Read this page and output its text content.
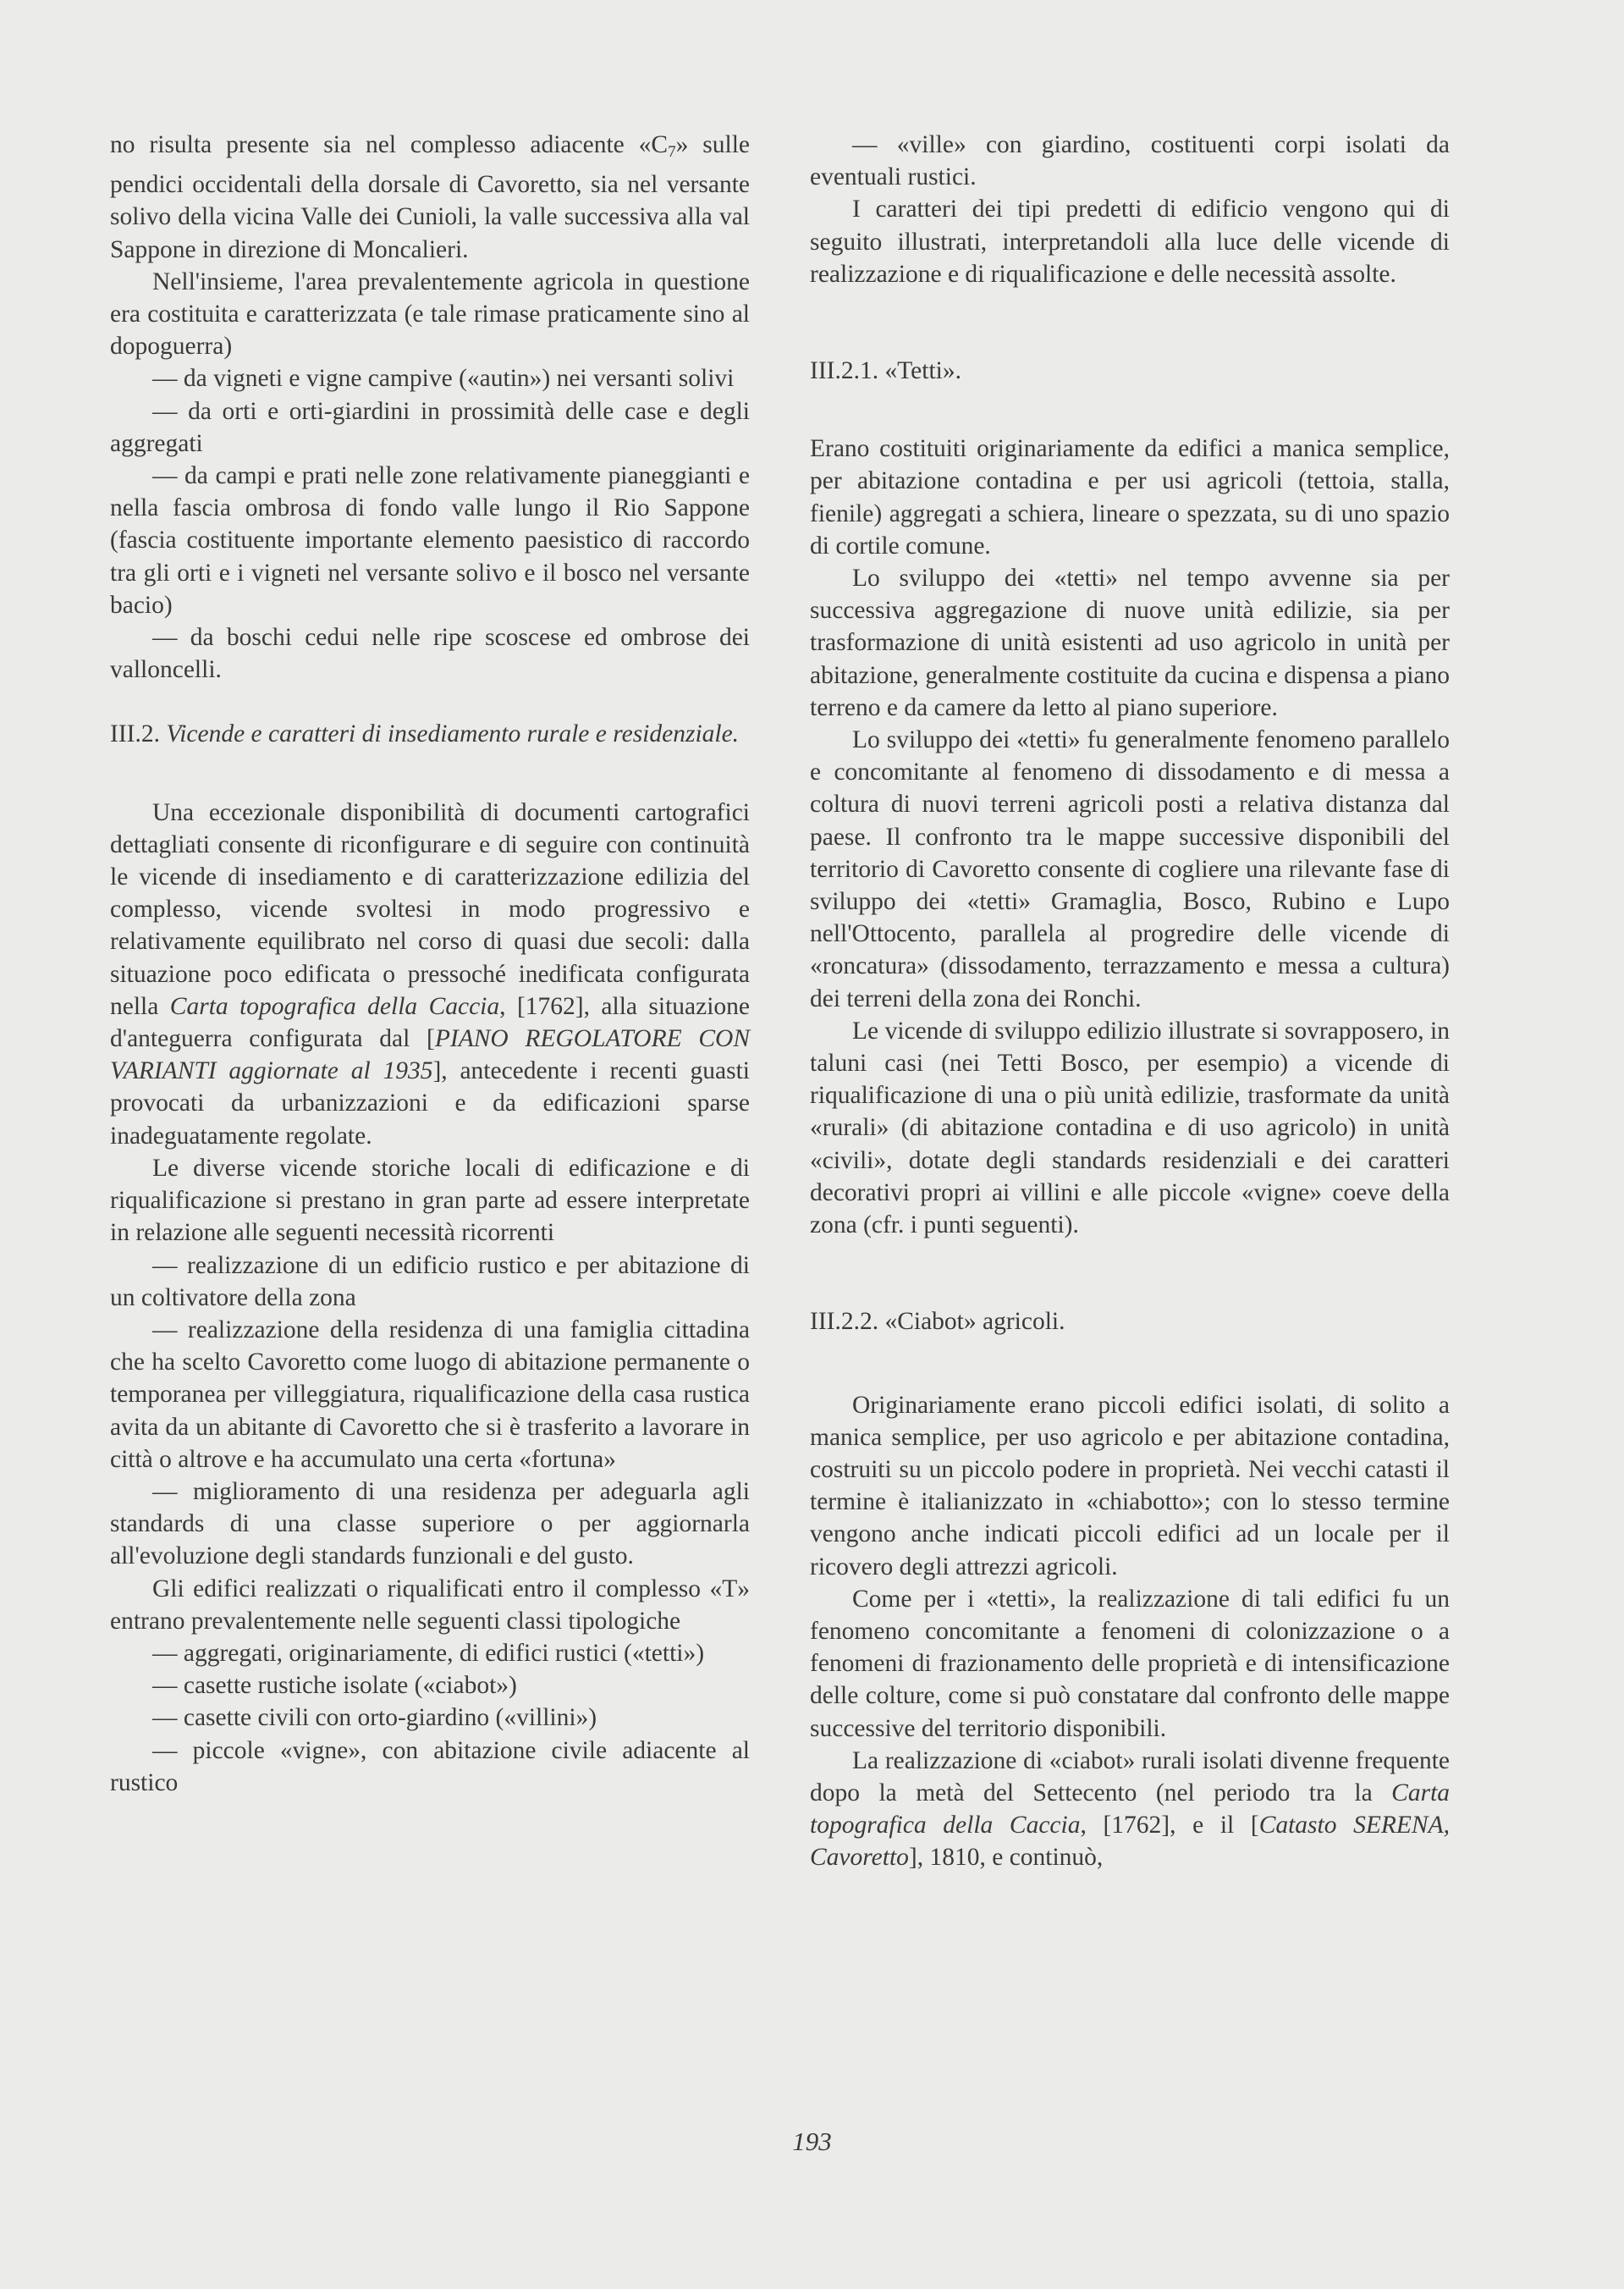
no risulta presente sia nel complesso adiacente «$C_7$» sulle pendici occidentali della dorsale di Cavoretto, sia nel versante solivo della vicina Valle dei Cunioli, la valle successiva alla val Sappone in direzione di Moncalieri.

Nell'insieme, l'area prevalentemente agricola in questione era costituita e caratterizzata (e tale rimase praticamente sino al dopoguerra)

— da vigneti e vigne campive («autin») nei versanti solivi

— da orti e orti-giardini in prossimità delle case e degli aggregati

— da campi e prati nelle zone relativamente pianeggianti e nella fascia ombrosa di fondo valle lungo il Rio Sappone (fascia costituente importante elemento paesistico di raccordo tra gli orti e i vigneti nel versante solivo e il bosco nel versante bacio)

— da boschi cedui nelle ripe scoscese ed ombrose dei valloncelli.

III.2. Vicende e caratteri di insediamento rurale e residenziale.

Una eccezionale disponibilità di documenti cartografici dettagliati consente di riconfigurare e di seguire con continuità le vicende di insediamento e di caratterizzazione edilizia del complesso, vicende svoltesi in modo progressivo e relativamente equilibrato nel corso di quasi due secoli: dalla situazione poco edificata o pressoché inedificata configurata nella Carta topografica della Caccia, [1762], alla situazione d'anteguerra configurata dal [PIANO REGOLATORE CON VARIANTI aggiornate al 1935], antecedente i recenti guasti provocati da urbanizzazioni e da edificazioni sparse inadeguatamente regolate.

Le diverse vicende storiche locali di edificazione e di riqualificazione si prestano in gran parte ad essere interpretate in relazione alle seguenti necessità ricorrenti

— realizzazione di un edificio rustico e per abitazione di un coltivatore della zona

— realizzazione della residenza di una famiglia cittadina che ha scelto Cavoretto come luogo di abitazione permanente o temporanea per villeggiatura, riqualificazione della casa rustica avita da un abitante di Cavoretto che si è trasferito a lavorare in città o altrove e ha accumulato una certa «fortuna»

— miglioramento di una residenza per adeguarla agli standards di una classe superiore o per aggiornarla all'evoluzione degli standards funzionali e del gusto.

Gli edifici realizzati o riqualificati entro il complesso «T» entrano prevalentemente nelle seguenti classi tipologiche

— aggregati, originariamente, di edifici rustici («tetti»)

— casette rustiche isolate («ciabot»)

— casette civili con orto-giardino («villini»)

— piccole «vigne», con abitazione civile adiacente al rustico

— «ville» con giardino, costituenti corpi isolati da eventuali rustici.

I caratteri dei tipi predetti di edificio vengono qui di seguito illustrati, interpretandoli alla luce delle vicende di realizzazione e di riqualificazione e delle necessità assolte.

III.2.1. «Tetti».

Erano costituiti originariamente da edifici a manica semplice, per abitazione contadina e per usi agricoli (tettoia, stalla, fienile) aggregati a schiera, lineare o spezzata, su di uno spazio di cortile comune.

Lo sviluppo dei «tetti» nel tempo avvenne sia per successiva aggregazione di nuove unità edilizie, sia per trasformazione di unità esistenti ad uso agricolo in unità per abitazione, generalmente costituite da cucina e dispensa a piano terreno e da camere da letto al piano superiore.

Lo sviluppo dei «tetti» fu generalmente fenomeno parallelo e concomitante al fenomeno di dissodamento e di messa a coltura di nuovi terreni agricoli posti a relativa distanza dal paese. Il confronto tra le mappe successive disponibili del territorio di Cavoretto consente di cogliere una rilevante fase di sviluppo dei «tetti» Gramaglia, Bosco, Rubino e Lupo nell'Ottocento, parallela al progredire delle vicende di «roncatura» (dissodamento, terrazzamento e messa a cultura) dei terreni della zona dei Ronchi.

Le vicende di sviluppo edilizio illustrate si sovrapposero, in taluni casi (nei Tetti Bosco, per esempio) a vicende di riqualificazione di una o più unità edilizie, trasformate da unità «rurali» (di abitazione contadina e di uso agricolo) in unità «civili», dotate degli standards residenziali e dei caratteri decorativi propri ai villini e alle piccole «vigne» coeve della zona (cfr. i punti seguenti).

III.2.2. «Ciabot» agricoli.

Originariamente erano piccoli edifici isolati, di solito a manica semplice, per uso agricolo e per abitazione contadina, costruiti su un piccolo podere in proprietà. Nei vecchi catasti il termine è italianizzato in «chiabotto»; con lo stesso termine vengono anche indicati piccoli edifici ad un locale per il ricovero degli attrezzi agricoli.

Come per i «tetti», la realizzazione di tali edifici fu un fenomeno concomitante a fenomeni di colonizzazione o a fenomeni di frazionamento delle proprietà e di intensificazione delle colture, come si può constatare dal confronto delle mappe successive del territorio disponibili.

La realizzazione di «ciabot» rurali isolati divenne frequente dopo la metà del Settecento (nel periodo tra la Carta topografica della Caccia, [1762], e il [Catasto SERENA, Cavoretto], 1810, e continuò,

193
